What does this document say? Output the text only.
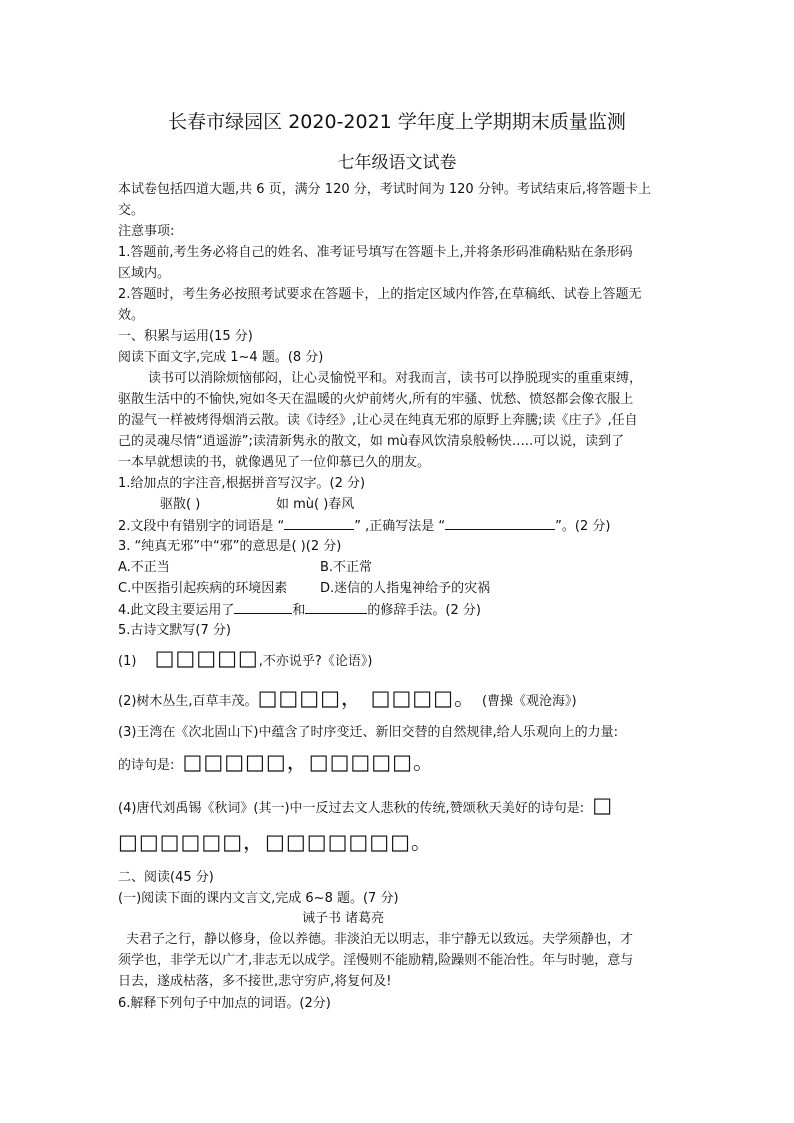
长春市绿园区 2020-2021 学年度上学期期末质量监测
七年级语文试卷
本试卷包括四道大题,共 6 页，满分 120 分，考试时间为 120 分钟。考试结束后,将答题卡上
交。
注意事项:
1.答题前,考生务必将自己的姓名、准考证号填写在答题卡上,并将条形码准确粘贴在条形码
区域内。
2.答题时，考生务必按照考试要求在答题卡，上的指定区域内作答,在草稿纸、试卷上答题无
效。
一、积累与运用(15 分)
阅读下面文字,完成 1~4 题。(8 分)
读书可以消除烦恼郁闷，让心灵愉悦平和。对我而言，读书可以挣脱现实的重重束缚，
驱散生活中的不愉快,宛如冬天在温暖的火炉前烤火,所有的牢骚、忧愁、愤怒都会像衣服上
的湿气一样被烤得烟消云散。读《诗经》,让心灵在纯真无邪的原野上奔騰;读《庄子》,任自
己的灵魂尽情“逍遥游”;读清新隽永的散文，如 mù春风饮清泉般畅快…..可以说，读到了
一本早就想读的书，就像遇见了一位仰慕已久的朋友。
1.给加点的字注音,根据拼音写汉字。(2 分)
驱散( )	如 mù( )春风
2.文段中有错别字的词语是 “	” ,正确写法是 “	”。(2 分)
3. “纯真无邪”中“邪”的意思是( )(2 分)
A.不正当	B.不正常
C.中医指引起疾病的环境因素	D.迷信的人指鬼神给予的灾祸
4.此文段主要运用了	和	的修辞手法。(2 分)
5.古诗文默写(7 分)
(1) □□□□□,不亦说乎?《论语》)
(2)树木丛生,百草丰茂。□□□□， □□□□。 (曹操《观沧海》)
(3)王湾在《次北固山下)中蕴含了时序变迁、新旧交替的自然规律,给人乐观向上的力量:
的诗句是: □□□□□，□□□□□。
(4)唐代刘禹锡《秋词》(其一)中一反过去文人悲秋的传统,赞颂秋天美好的诗句是: □
□□□□□□，□□□□□□□。
二、阅读(45 分)
(一)阅读下面的课内文言文,完成 6~8 题。(7 分)
诫子书 诸葛亮
夫君子之行，静以修身，俭以养德。非淡泊无以明志，非宁静无以致远。夫学须静也，才
须学也，非学无以广才,非志无以成学。淫慢则不能励精,险躁则不能冶性。年与时驰，意与
日去，遂成枯落，多不接世,悲守穷庐,将复何及!
6.解释下列句子中加点的词语。(2分)
